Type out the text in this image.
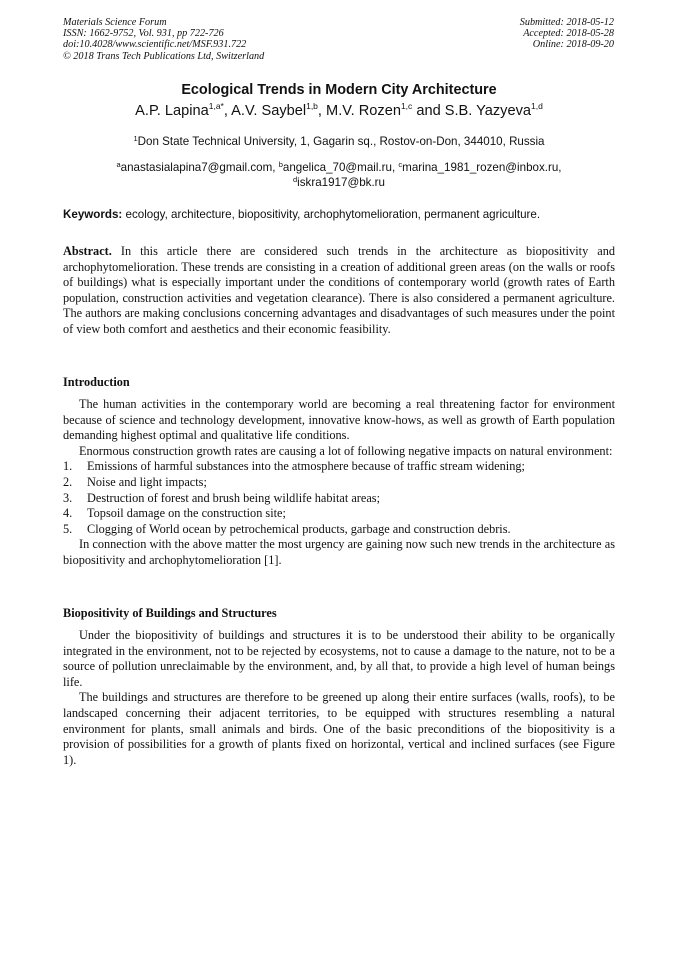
Materials Science Forum
ISSN: 1662-9752, Vol. 931, pp 722-726
doi:10.4028/www.scientific.net/MSF.931.722
© 2018 Trans Tech Publications Ltd, Switzerland
Submitted: 2018-05-12
Accepted: 2018-05-28
Online: 2018-09-20
Ecological Trends in Modern City Architecture
A.P. Lapina$^{1,a*}$, A.V. Saybel$^{1,b}$, M.V. Rozen$^{1,c}$ and S.B. Yazyeva$^{1,d}$
$^1$Don State Technical University, 1, Gagarin sq., Rostov-on-Don, 344010, Russia
$^a$anastasialapina7@gmail.com, $^b$angelica_70@mail.ru, $^c$marina_1981_rozen@inbox.ru,
$^d$iskra1917@bk.ru
Keywords: ecology, architecture, biopositivity, archophytomelioration, permanent agriculture.
Abstract. In this article there are considered such trends in the architecture as biopositivity and archophytomelioration. These trends are consisting in a creation of additional green areas (on the walls or roofs of buildings) what is especially important under the conditions of contemporary world (growth rates of Earth population, construction activities and vegetation clearance). There is also considered a permanent agriculture. The authors are making conclusions concerning advantages and disadvantages of such measures under the point of view both comfort and aesthetics and their economic feasibility.
Introduction

The human activities in the contemporary world are becoming a real threatening factor for environment because of science and technology development, innovative know-hows, as well as growth of Earth population demanding highest optimal and qualitative life conditions.

Enormous construction growth rates are causing a lot of following negative impacts on natural environment:

1. Emissions of harmful substances into the atmosphere because of traffic stream widening;
2. Noise and light impacts;
3. Destruction of forest and brush being wildlife habitat areas;
4. Topsoil damage on the construction site;
5. Clogging of World ocean by petrochemical products, garbage and construction debris.

In connection with the above matter the most urgency are gaining now such new trends in the architecture as biopositivity and archophytomelioration [1].

Biopositivity of Buildings and Structures

Under the biopositivity of buildings and structures it is to be understood their ability to be organically integrated in the environment, not to be rejected by ecosystems, not to cause a damage to the nature, not to be a source of pollution unreclaimable by the environment, and, by all that, to provide a high level of human beings life.

The buildings and structures are therefore to be greened up along their entire surfaces (walls, roofs), to be landscaped concerning their adjacent territories, to be equipped with structures resembling a natural environment for plants, small animals and birds. One of the basic preconditions of the biopositivity is a provision of possibilities for a growth of plants fixed on horizontal, vertical and inclined surfaces (see Figure 1).
